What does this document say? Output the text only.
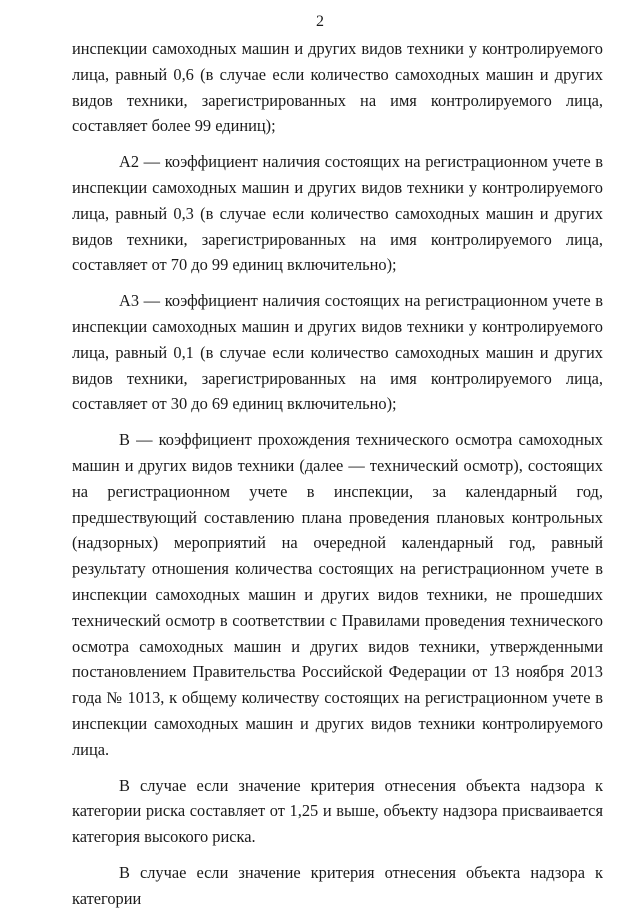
2

инспекции самоходных машин и других видов техники у контролируемого лица, равный 0,6 (в случае если количество самоходных машин и других видов техники, зарегистрированных на имя контролируемого лица, составляет более 99 единиц);

А2 — коэффициент наличия состоящих на регистрационном учете в инспекции самоходных машин и других видов техники у контролируемого лица, равный 0,3 (в случае если количество самоходных машин и других видов техники, зарегистрированных на имя контролируемого лица, составляет от 70 до 99 единиц включительно);

А3 — коэффициент наличия состоящих на регистрационном учете в инспекции самоходных машин и других видов техники у контролируемого лица, равный 0,1 (в случае если количество самоходных машин и других видов техники, зарегистрированных на имя контролируемого лица, составляет от 30 до 69 единиц включительно);

В — коэффициент прохождения технического осмотра самоходных машин и других видов техники (далее — технический осмотр), состоящих на регистрационном учете в инспекции, за календарный год, предшествующий составлению плана проведения плановых контрольных (надзорных) мероприятий на очередной календарный год, равный результату отношения количества состоящих на регистрационном учете в инспекции самоходных машин и других видов техники, не прошедших технический осмотр в соответствии с Правилами проведения технического осмотра самоходных машин и других видов техники, утвержденными постановлением Правительства Российской Федерации от 13 ноября 2013 года № 1013, к общему количеству состоящих на регистрационном учете в инспекции самоходных машин и других видов техники контролируемого лица.

В случае если значение критерия отнесения объекта надзора к категории риска составляет от 1,25 и выше, объекту надзора присваивается категория высокого риска.

В случае если значение критерия отнесения объекта надзора к категории
